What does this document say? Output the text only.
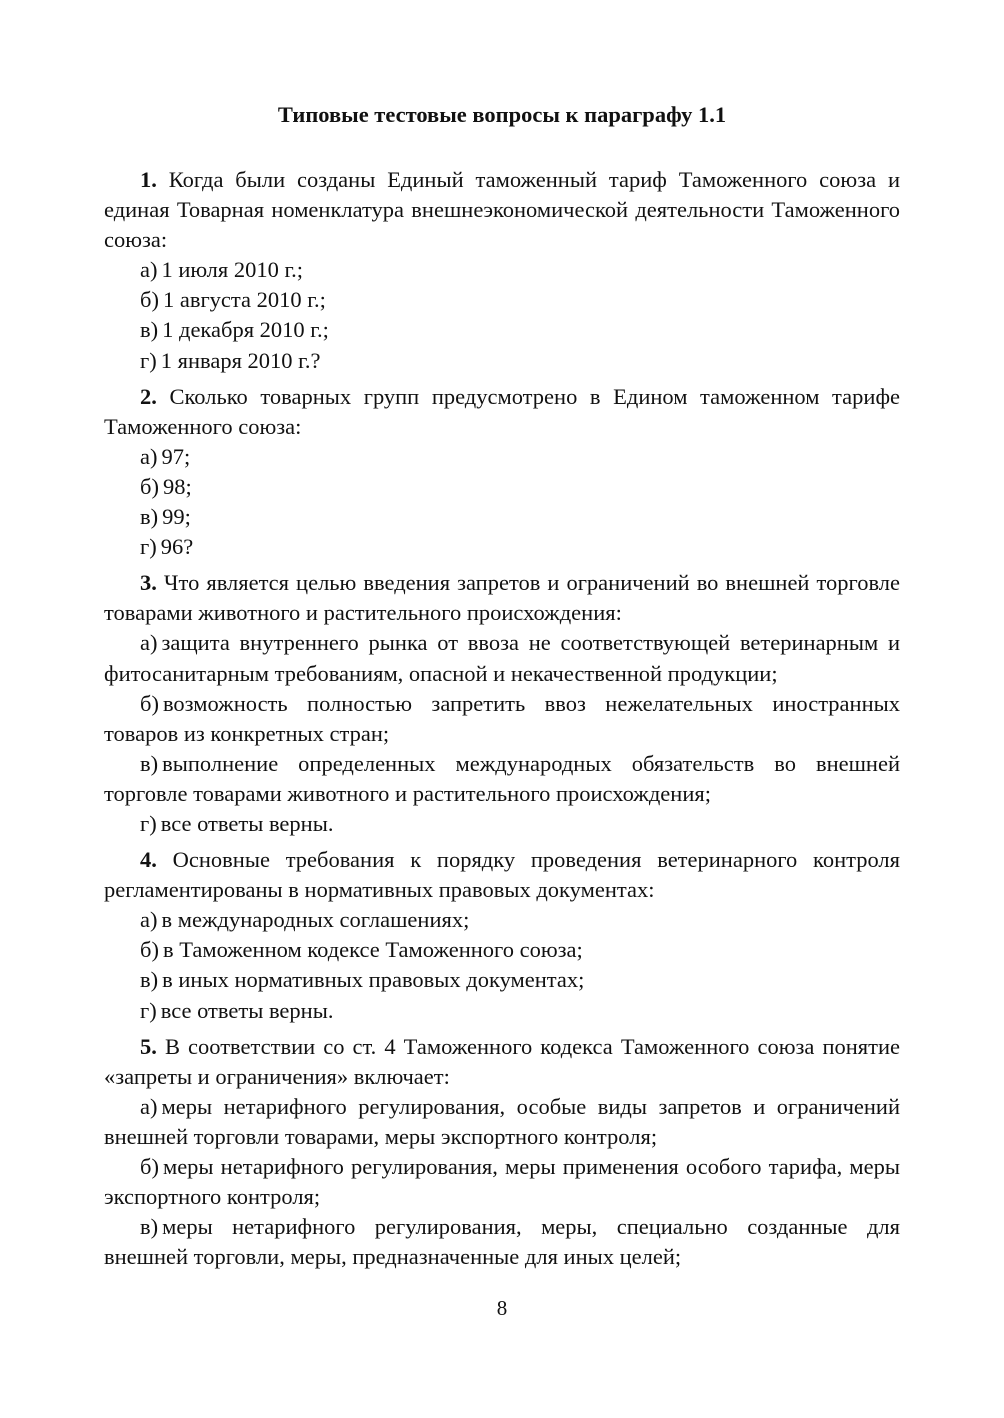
Типовые тестовые вопросы к параграфу 1.1

1. Когда были созданы Единый таможенный тариф Таможенного союза и единая Товарная номенклатура внешнеэкономической деятельности Таможенного союза:

а) 1 июля 2010 г.;

б) 1 августа 2010 г.;

в) 1 декабря 2010 г.;

г) 1 января 2010 г.?

2. Сколько товарных групп предусмотрено в Едином таможенном тарифе Таможенного союза:

а) 97;

б) 98;

в) 99;

г) 96?

3. Что является целью введения запретов и ограничений во внешней торговле товарами животного и растительного происхождения:

а) защита внутреннего рынка от ввоза не соответствующей ветеринарным и фитосанитарным требованиям, опасной и некачественной продукции;

б) возможность полностью запретить ввоз нежелательных иностранных товаров из конкретных стран;

в) выполнение определенных международных обязательств во внешней торговле товарами животного и растительного происхождения;

г) все ответы верны.

4. Основные требования к порядку проведения ветеринарного контроля регламентированы в нормативных правовых документах:

а) в международных соглашениях;

б) в Таможенном кодексе Таможенного союза;

в) в иных нормативных правовых документах;

г) все ответы верны.

5. В соответствии со ст. 4 Таможенного кодекса Таможенного союза понятие «запреты и ограничения» включает:

а) меры нетарифного регулирования, особые виды запретов и ограничений внешней торговли товарами, меры экспортного контроля;

б) меры нетарифного регулирования, меры применения особого тарифа, меры экспортного контроля;

в) меры нетарифного регулирования, меры, специально созданные для внешней торговли, меры, предназначенные для иных целей;

8
